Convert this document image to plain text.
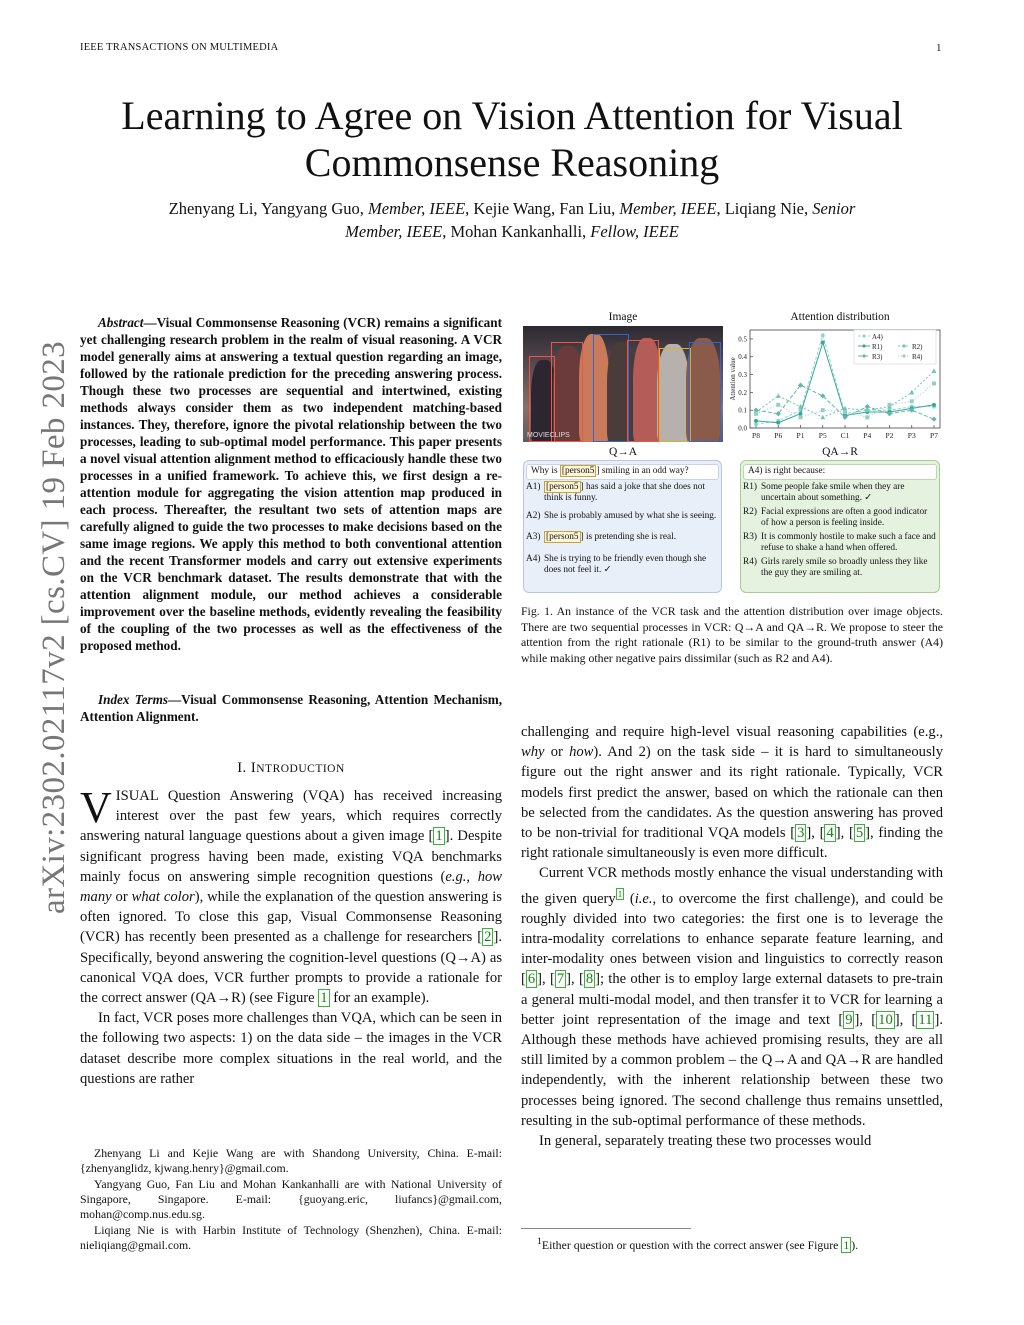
IEEE TRANSACTIONS ON MULTIMEDIA	1
arXiv:2302.02117v2 [cs.CV] 19 Feb 2023
Learning to Agree on Vision Attention for Visual Commonsense Reasoning
Zhenyang Li, Yangyang Guo, Member, IEEE, Kejie Wang, Fan Liu, Member, IEEE, Liqiang Nie, Senior
Member, IEEE, Mohan Kankanhalli, Fellow, IEEE
Abstract—Visual Commonsense Reasoning (VCR) remains a significant yet challenging research problem in the realm of visual reasoning. A VCR model generally aims at answering a textual question regarding an image, followed by the rationale prediction for the preceding answering process. Though these two processes are sequential and intertwined, existing methods always consider them as two independent matching-based instances. They, therefore, ignore the pivotal relationship between the two processes, leading to sub-optimal model performance. This paper presents a novel visual attention alignment method to efficaciously handle these two processes in a unified framework. To achieve this, we first design a re-attention module for aggregating the vision attention map produced in each process. Thereafter, the resultant two sets of attention maps are carefully aligned to guide the two processes to make decisions based on the same image regions. We apply this method to both conventional attention and the recent Transformer models and carry out extensive experiments on the VCR benchmark dataset. The results demonstrate that with the attention alignment module, our method achieves a considerable improvement over the baseline methods, evidently revealing the feasibility of the coupling of the two processes as well as the effectiveness of the proposed method.
Index Terms—Visual Commonsense Reasoning, Attention Mechanism, Attention Alignment.
I. INTRODUCTION

VISUAL Question Answering (VQA) has received increasing interest over the past few years, which requires correctly answering natural language questions about a given image [ 1 ]. Despite significant progress having been made, existing VQA benchmarks mainly focus on answering simple recognition questions (e.g., how many or what color), while the explanation of the question answering is often ignored. To close this gap, Visual Commonsense Reasoning (VCR) has recently been presented as a challenge for researchers [ 2 ]. Specifically, beyond answering the cognition-level questions (Q→A) as canonical VQA does, VCR further prompts to provide a rationale for the correct answer (QA→R) (see Figure 1 for an example).

In fact, VCR poses more challenges than VQA, which can be seen in the following two aspects: 1) on the data side – the images in the VCR dataset describe more complex situations in the real world, and the questions are rather

Zhenyang Li and Kejie Wang are with Shandong University, China. E-mail: {zhenyanglidz, kjwang.henry}@gmail.com.

Yangyang Guo, Fan Liu and Mohan Kankanhalli are with National University of Singapore, Singapore. E-mail: {guoyang.eric, liufancs}@gmail.com, mohan@comp.nus.edu.sg.

Liqiang Nie is with Harbin Institute of Technology (Shenzhen), China. E-mail: nieliqiang@gmail.com.

Image	Attention distribution
MOVIECLIPS
0.0
0.1
0.2
0.3
0.4
0.5
P8 P6 P1 P5 C1 P4 P2 P3 P7
Attention value
A4)
R1)	R2)
R3)	R4)
Q→A	QA→R
Why is [person5 ] smiling in an odd way?
A1) [person5 ] has said a joke that she does not think is funny.
A2) She is probably amused by what she is seeing.
A3) [person5 ] is pretending she is real.
A4) She is trying to be friendly even though she does not feel it. ✓
A4) is right because:
R1) Some people fake smile when they are uncertain about something. ✓
R2) Facial expressions are often a good indicator of how a person is feeling inside.
R3) It is commonly hostile to make such a face and refuse to shake a hand when offered.
R4) Girls rarely smile so broadly unless they like the guy they are smiling at.
Fig. 1. An instance of the VCR task and the attention distribution over image objects. There are two sequential processes in VCR: Q→A and QA→R. We propose to steer the attention from the right rationale (R1) to be similar to the ground-truth answer (A4) while making other negative pairs dissimilar (such as R2 and A4).

challenging and require high-level visual reasoning capabilities (e.g., why or how). And 2) on the task side – it is hard to simultaneously figure out the right answer and its right rationale. Typically, VCR models first predict the answer, based on which the rationale can then be selected from the candidates. As the question answering has proved to be non-trivial for traditional VQA models [ 3 ], [ 4 ], [ 5 ], finding the right rationale simultaneously is even more difficult.

Current VCR methods mostly enhance the visual understanding with the given query $^1$ (i.e., to overcome the first challenge), and could be roughly divided into two categories: the first one is to leverage the intra-modality correlations to enhance separate feature learning, and inter-modality ones between vision and linguistics to correctly reason [ 6 ], [ 7 ], [ 8 ]; the other is to employ large external datasets to pre-train a general multi-modal model, and then transfer it to VCR for learning a better joint representation of the image and text [ 9 ], [ 10 ], [ 11 ]. Although these methods have achieved promising results, they are all still limited by a common problem – the Q→A and QA→R are handled independently, with the inherent relationship between these two processes being ignored. The second challenge thus remains unsettled, resulting in the sub-optimal performance of these methods.

In general, separately treating these two processes would

$^1$Either question or question with the correct answer (see Figure 1 ).
